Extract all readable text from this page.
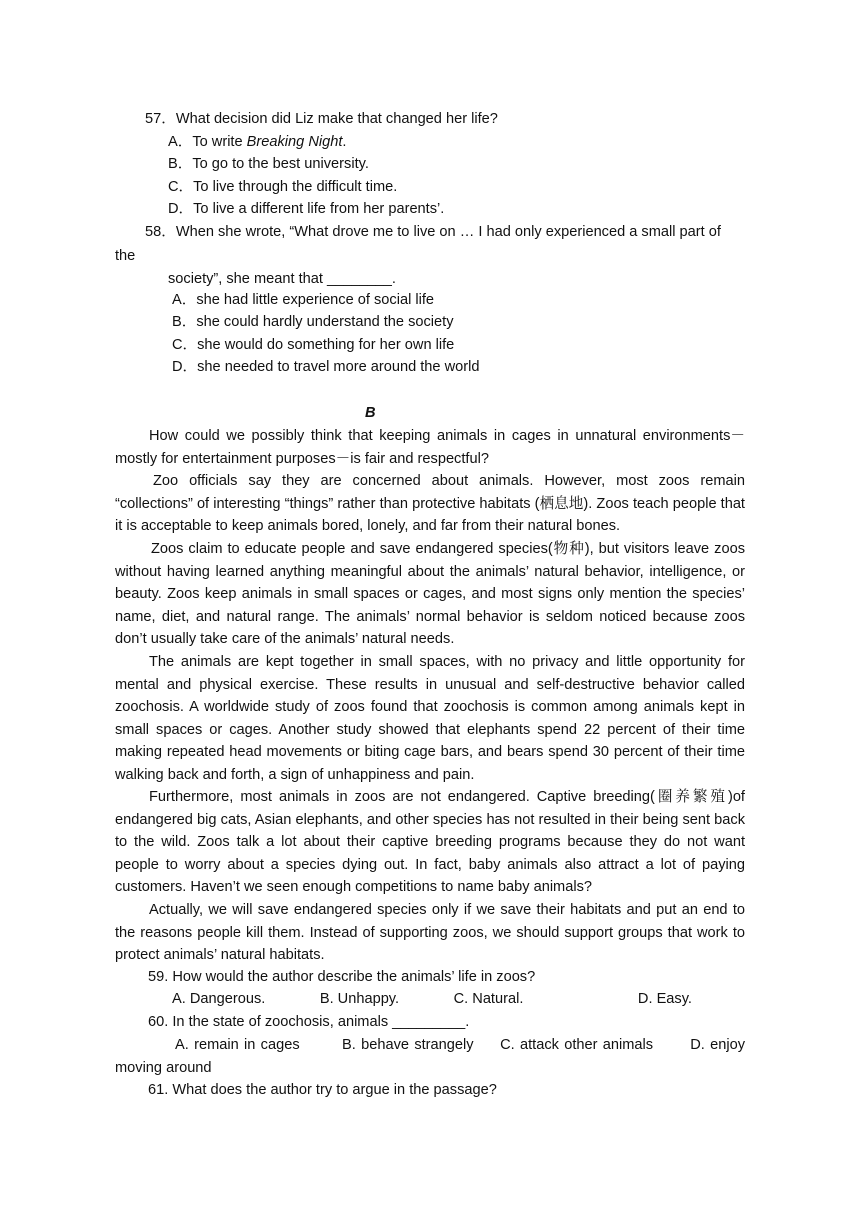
57．What decision did Liz make that changed her life?
A．To write Breaking Night.
B．To go to the best university.
C．To live through the difficult time.
D．To live a different life from her parents’.
58．When she wrote, “What drove me to live on … I had only experienced a small part of
the
society”, she meant that ________.
A．she had little experience of social life
B．she could hardly understand the society
C．she would do something for her own life
D．she needed to travel more around the world
B
How could we possibly think that keeping animals in cages in unnatural environments－mostly for entertainment purposes－is fair and respectful?
Zoo officials say they are concerned about animals. However, most zoos remain “collections” of interesting “things” rather than protective habitats (栖息地). Zoos teach people that it is acceptable to keep animals bored, lonely, and far from their natural bones.
Zoos claim to educate people and save endangered species(物种), but visitors leave zoos without having learned anything meaningful about the animals’ natural behavior, intelligence, or beauty. Zoos keep animals in small spaces or cages, and most signs only mention the species’ name, diet, and natural range. The animals’ normal behavior is seldom noticed because zoos don’t usually take care of the animals’ natural needs.
The animals are kept together in small spaces, with no privacy and little opportunity for mental and physical exercise. These results in unusual and self-destructive behavior called zoochosis. A worldwide study of zoos found that zoochosis is common among animals kept in small spaces or cages. Another study showed that elephants spend 22 percent of their time making repeated head movements or biting cage bars, and bears spend 30 percent of their time walking back and forth, a sign of unhappiness and pain.
Furthermore, most animals in zoos are not endangered. Captive breeding(圈养繁殖)of endangered big cats, Asian elephants, and other species has not resulted in their being sent back to the wild. Zoos talk a lot about their captive breeding programs because they do not want people to worry about a species dying out. In fact, baby animals also attract a lot of paying customers. Haven’t we seen enough competitions to name baby animals?
Actually, we will save endangered species only if we save their habitats and put an end to the reasons people kill them. Instead of supporting zoos, we should support groups that work to protect animals’ natural habitats.
59. How would the author describe the animals’ life in zoos?
A. Dangerous.	B. Unhappy.	C. Natural.	D. Easy.
60. In the state of zoochosis, animals _________.
A. remain in cages        B. behave strangely     C. attack other animals       D. enjoy moving around
61. What does the author try to argue in the passage?
